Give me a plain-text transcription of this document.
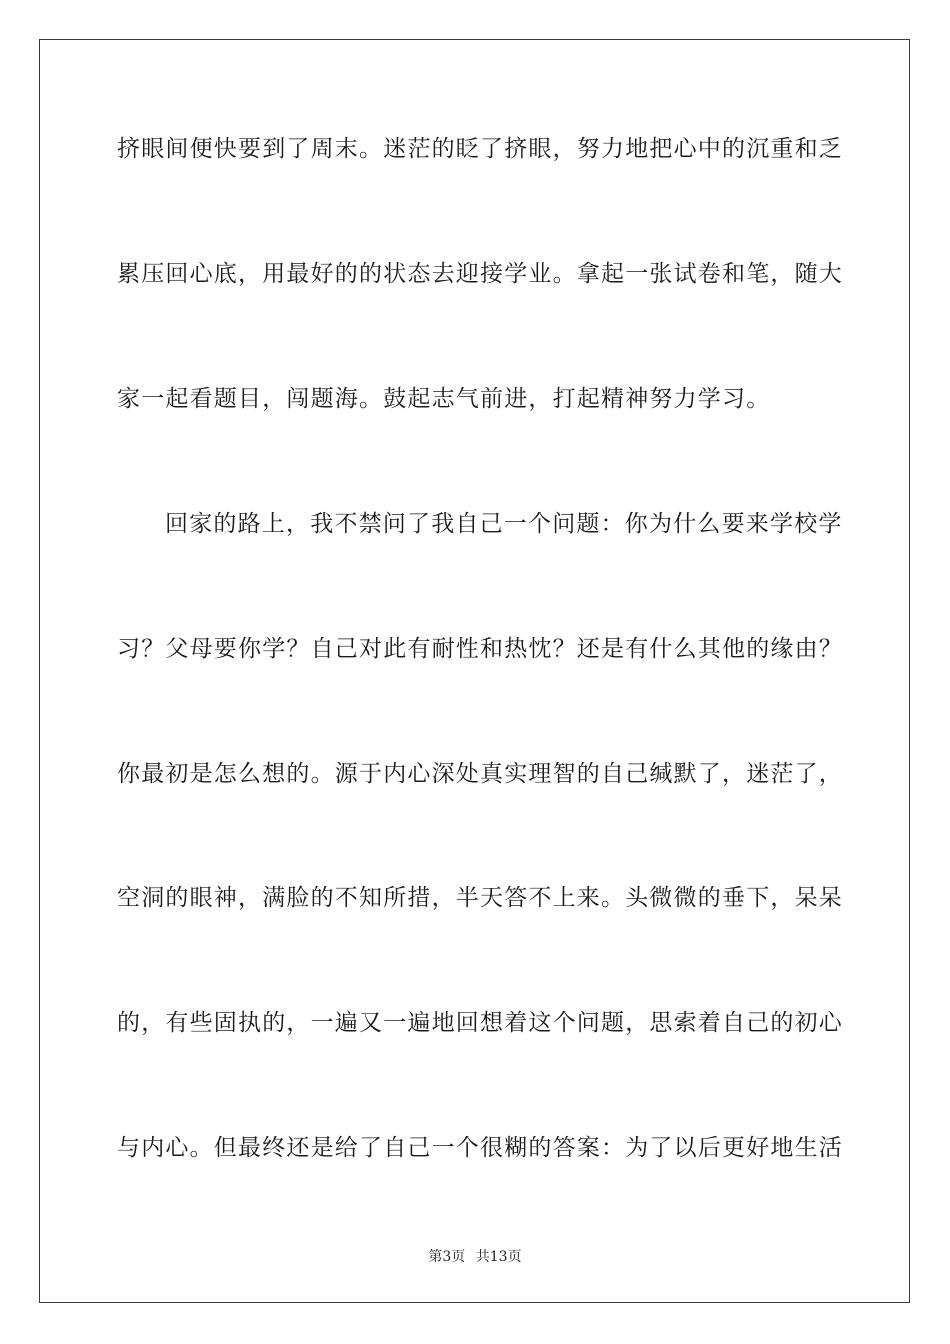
挤眼间便快要到了周末。迷茫的眨了挤眼，努力地把心中的沉重和乏
累压回心底，用最好的的状态去迎接学业。拿起一张试卷和笔，随大
家一起看题目，闯题海。鼓起志气前进，打起精神努力学习。
回家的路上，我不禁问了我自己一个问题：你为什么要来学校学
习？父母要你学？自己对此有耐性和热忱？还是有什么其他的缘由？
你最初是怎么想的。源于内心深处真实理智的自己缄默了，迷茫了，
空洞的眼神，满脸的不知所措，半天答不上来。头微微的垂下，呆呆
的，有些固执的，一遍又一遍地回想着这个问题，思索着自己的初心
与内心。但最终还是给了自己一个很糊的答案：为了以后更好地生活
第3页 共13页
